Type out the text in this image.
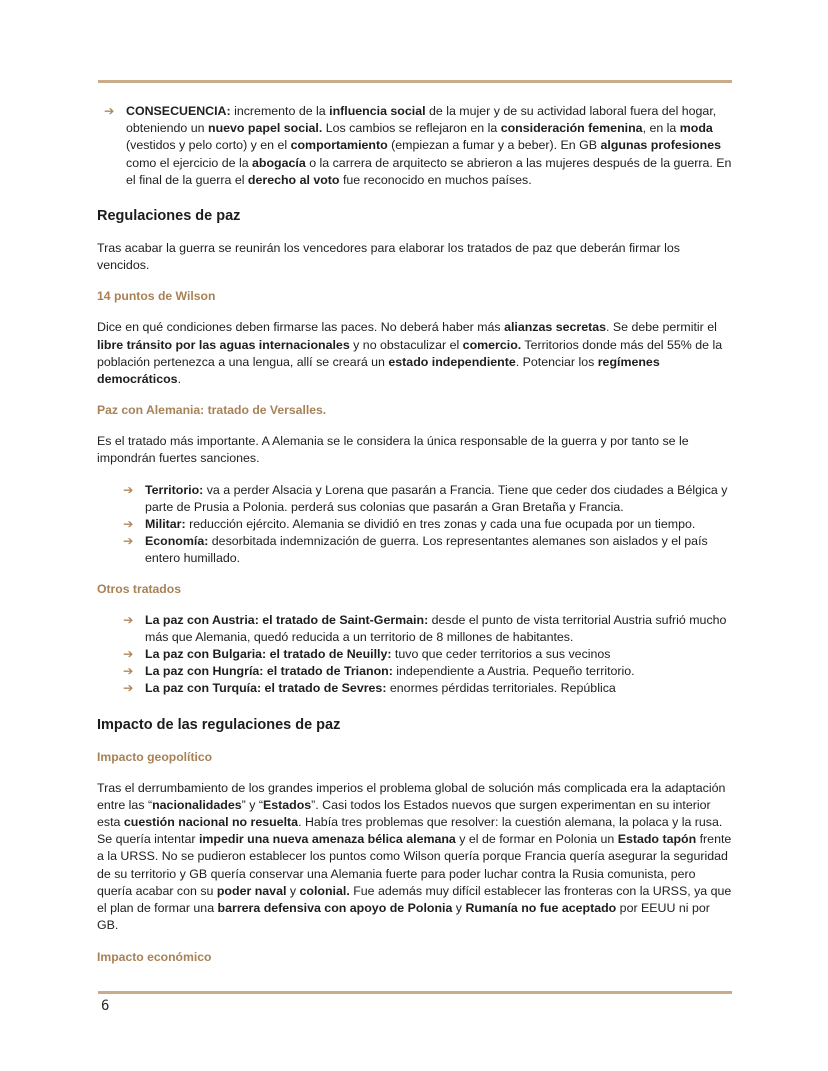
➔ CONSECUENCIA: incremento de la influencia social de la mujer y de su actividad laboral fuera del hogar, obteniendo un nuevo papel social. Los cambios se reflejaron en la consideración femenina, en la moda (vestidos y pelo corto) y en el comportamiento (empiezan a fumar y a beber). En GB algunas profesiones como el ejercicio de la abogacía o la carrera de arquitecto se abrieron a las mujeres después de la guerra. En el final de la guerra el derecho al voto fue reconocido en muchos países.
Regulaciones de paz

Tras acabar la guerra se reunirán los vencedores para elaborar los tratados de paz que deberán firmar los vencidos.

14 puntos de Wilson

Dice en qué condiciones deben firmarse las paces. No deberá haber más alianzas secretas. Se debe permitir el libre tránsito por las aguas internacionales y no obstaculizar el comercio. Territorios donde más del 55% de la población pertenezca a una lengua, allí se creará un estado independiente. Potenciar los regímenes democráticos.

Paz con Alemania: tratado de Versalles.

Es el tratado más importante. A Alemania se le considera la única responsable de la guerra y por tanto se le impondrán fuertes sanciones.

➔ Territorio: va a perder Alsacia y Lorena que pasarán a Francia. Tiene que ceder dos ciudades a Bélgica y parte de Prusia a Polonia. perderá sus colonias que pasarán a Gran Bretaña y Francia.
➔ Militar: reducción ejército. Alemania se dividió en tres zonas y cada una fue ocupada por un tiempo.
➔ Economía: desorbitada indemnización de guerra. Los representantes alemanes son aislados y el país entero humillado.
Otros tratados
➔ La paz con Austria: el tratado de Saint-Germain: desde el punto de vista territorial Austria sufrió mucho más que Alemania, quedó reducida a un territorio de 8 millones de habitantes.
➔ La paz con Bulgaria: el tratado de Neuilly: tuvo que ceder territorios a sus vecinos
➔ La paz con Hungría: el tratado de Trianon: independiente a Austria. Pequeño territorio.
➔ La paz con Turquía: el tratado de Sevres: enormes pérdidas territoriales. República
Impacto de las regulaciones de paz
Impacto geopolítico

Tras el derrumbamiento de los grandes imperios el problema global de solución más complicada era la adaptación entre las “nacionalidades” y “Estados”. Casi todos los Estados nuevos que surgen experimentan en su interior esta cuestión nacional no resuelta. Había tres problemas que resolver: la cuestión alemana, la polaca y la rusa. Se quería intentar impedir una nueva amenaza bélica alemana y el de formar en Polonia un Estado tapón frente a la URSS. No se pudieron establecer los puntos como Wilson quería porque Francia quería asegurar la seguridad de su territorio y GB quería conservar una Alemania fuerte para poder luchar contra la Rusia comunista, pero quería acabar con su poder naval y colonial. Fue además muy difícil establecer las fronteras con la URSS, ya que el plan de formar una barrera defensiva con apoyo de Polonia y Rumanía no fue aceptado por EEUU ni por GB.

Impacto económico
6
